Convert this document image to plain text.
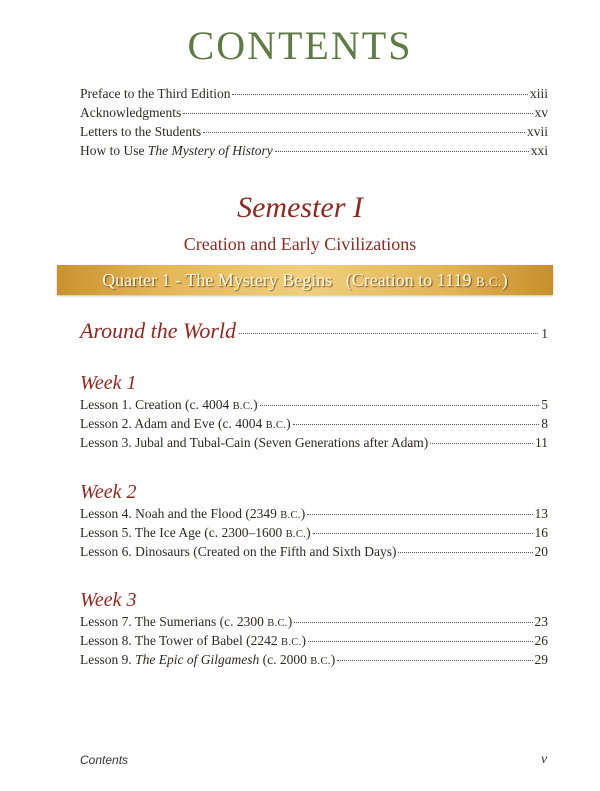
CONTENTS
Preface to the Third Edition	xiii
Acknowledgments	xv
Letters to the Students	xvii
How to Use The Mystery of History	xxi
Semester I
Creation and Early Civilizations
Quarter 1 - The Mystery Begins   (Creation to 1119 B.C.)
Around the World	1
Week 1
Lesson 1. Creation (c. 4004 B.C.)	5
Lesson 2. Adam and Eve (c. 4004 B.C.)	8
Lesson 3. Jubal and Tubal-Cain (Seven Generations after Adam)	11
Week 2
Lesson 4. Noah and the Flood (2349 B.C.)	13
Lesson 5. The Ice Age (c. 2300–1600 B.C.)	16
Lesson 6. Dinosaurs (Created on the Fifth and Sixth Days)	20
Week 3
Lesson 7. The Sumerians (c. 2300 B.C.)	23
Lesson 8. The Tower of Babel (2242 B.C.)	26
Lesson 9. The Epic of Gilgamesh (c. 2000 B.C.)	29
Contents	v
